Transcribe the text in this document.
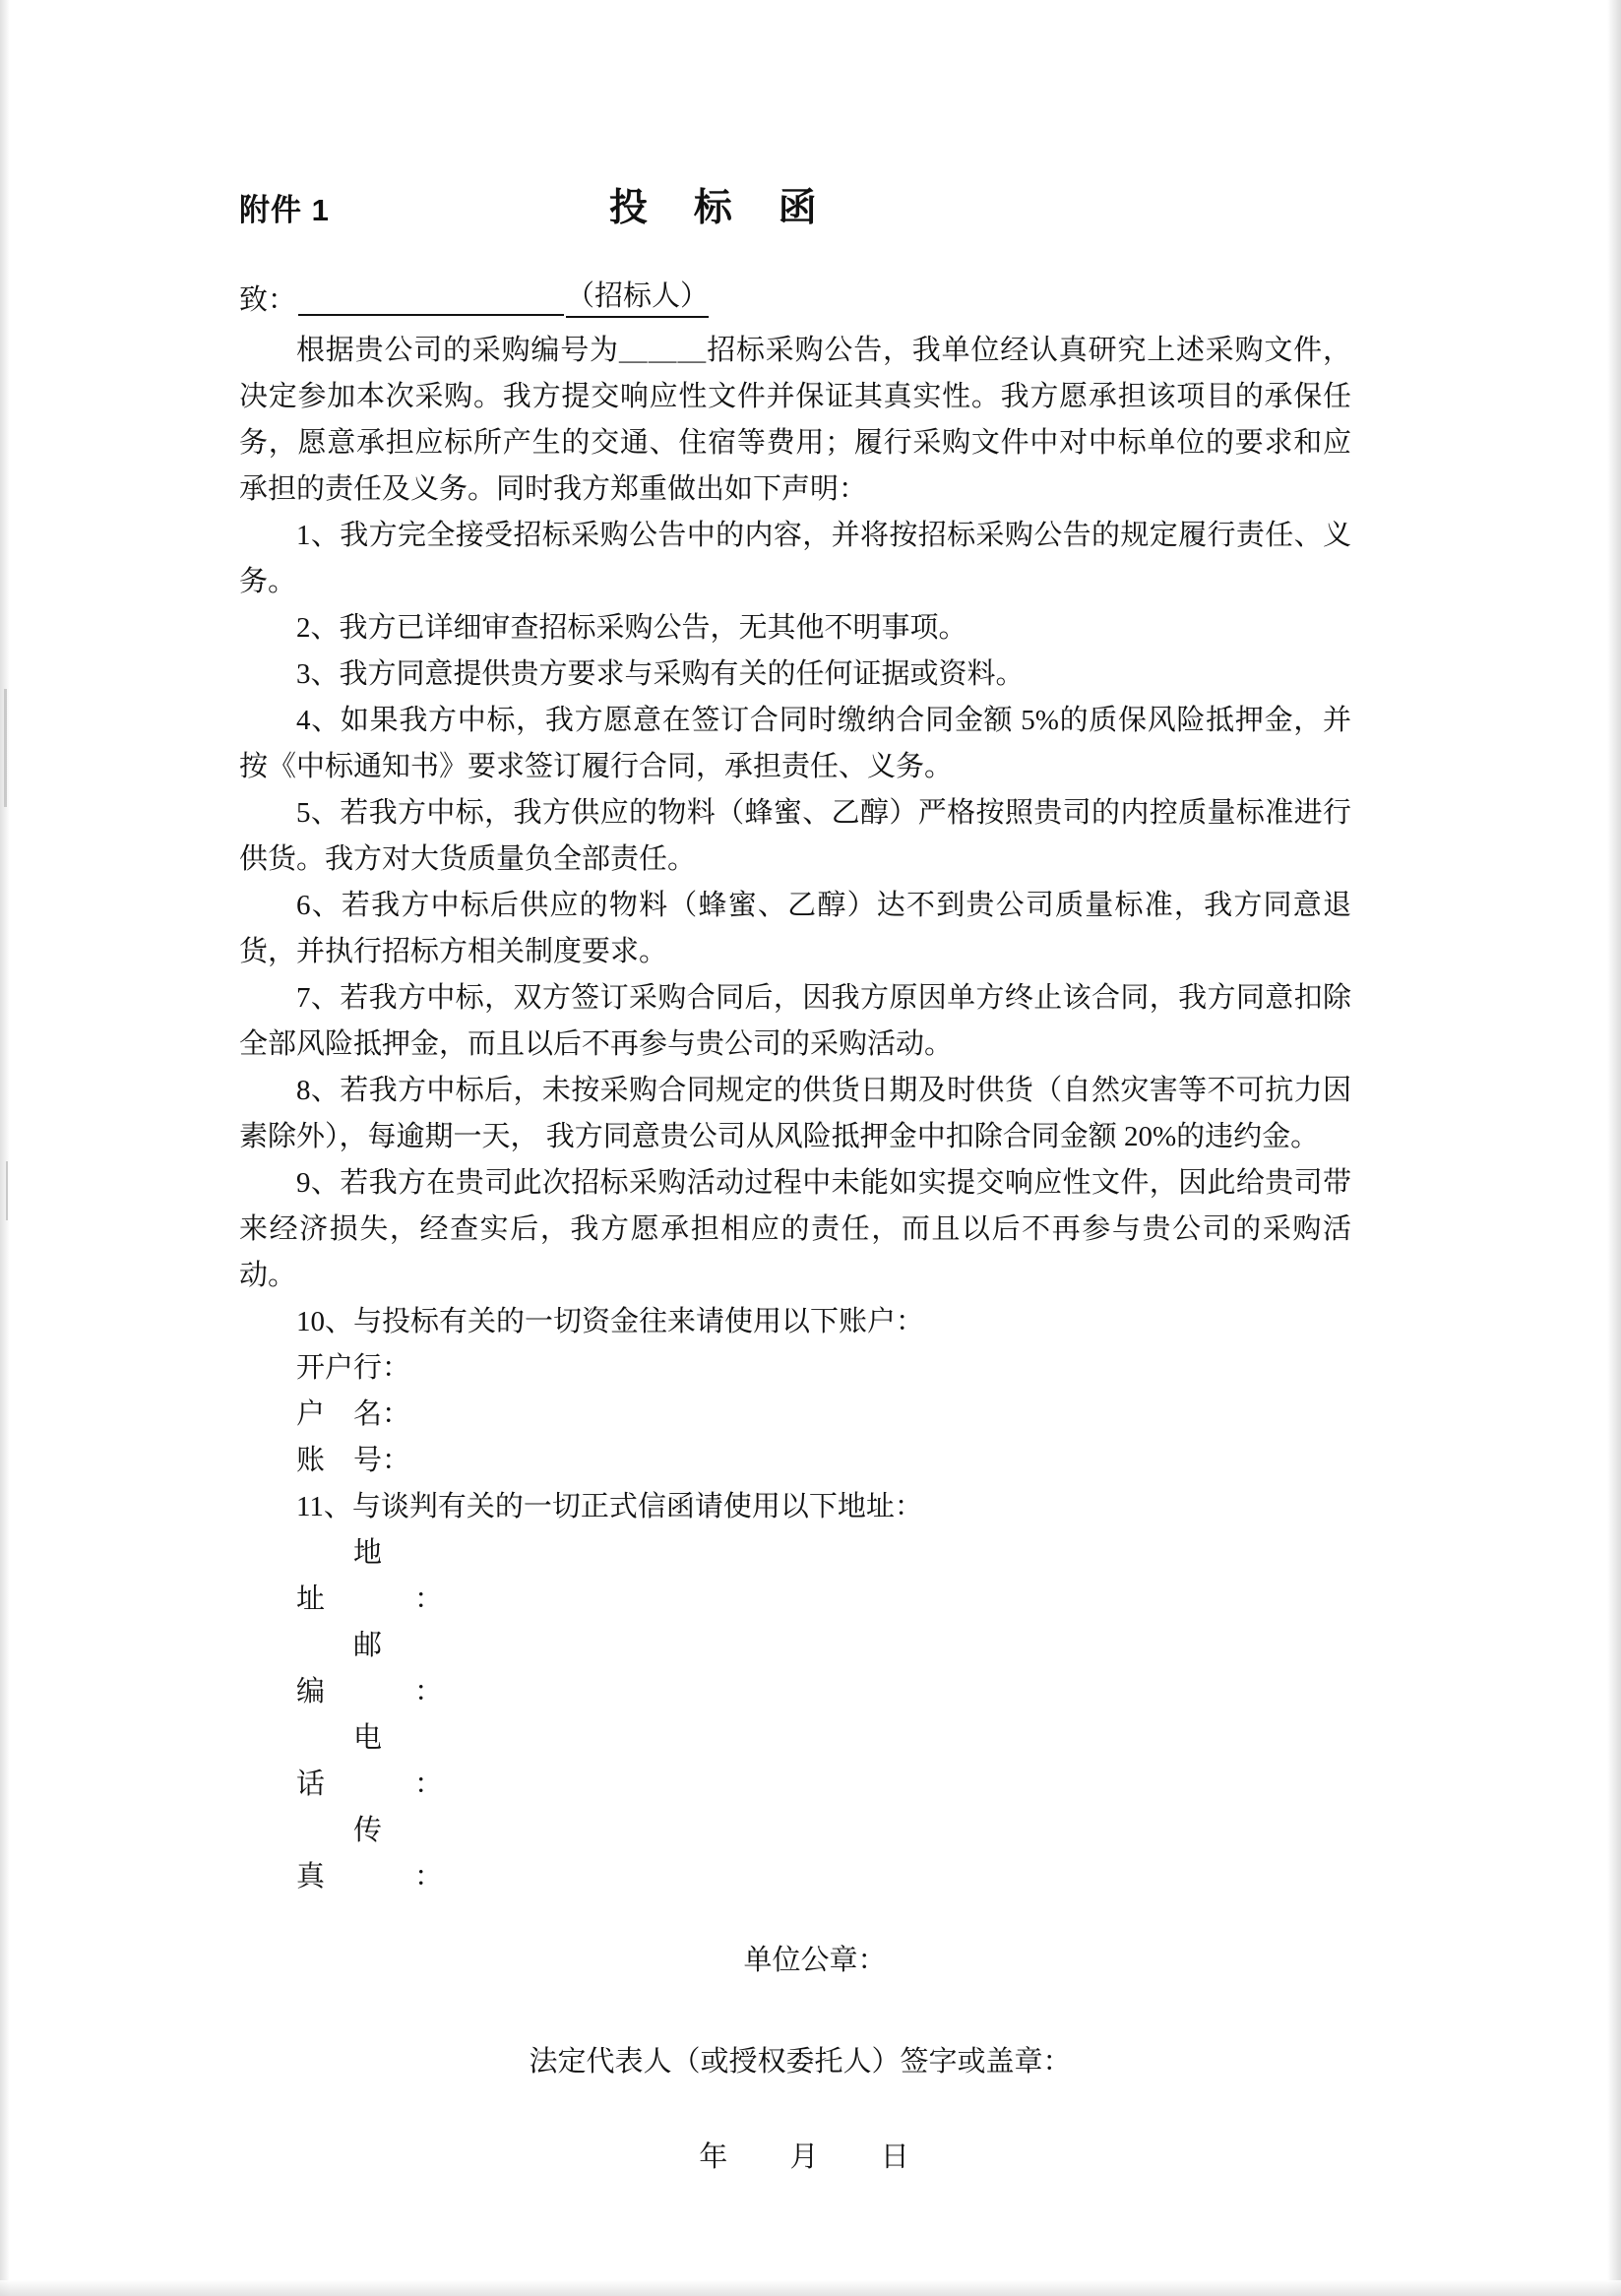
附件 1	投 标 函
致：	（招标人）

根据贵公司的采购编号为＿＿＿招标采购公告，我单位经认真研究上述采购文件，决定参加本次采购。我方提交响应性文件并保证其真实性。我方愿承担该项目的承保任务，愿意承担应标所产生的交通、住宿等费用；履行采购文件中对中标单位的要求和应承担的责任及义务。同时我方郑重做出如下声明：

1、我方完全接受招标采购公告中的内容，并将按招标采购公告的规定履行责任、义务。

2、我方已详细审查招标采购公告，无其他不明事项。

3、我方同意提供贵方要求与采购有关的任何证据或资料。

4、如果我方中标，我方愿意在签订合同时缴纳合同金额 5%的质保风险抵押金，并按《中标通知书》要求签订履行合同，承担责任、义务。

5、若我方中标，我方供应的物料（蜂蜜、乙醇）严格按照贵司的内控质量标准进行供货。我方对大货质量负全部责任。

6、若我方中标后供应的物料（蜂蜜、乙醇）达不到贵公司质量标准，我方同意退货，并执行招标方相关制度要求。

7、若我方中标，双方签订采购合同后，因我方原因单方终止该合同，我方同意扣除全部风险抵押金，而且以后不再参与贵公司的采购活动。

8、若我方中标后，未按采购合同规定的供货日期及时供货（自然灾害等不可抗力因素除外），每逾期一天， 我方同意贵公司从风险抵押金中扣除合同金额 20%的违约金。

9、若我方在贵司此次招标采购活动过程中未能如实提交响应性文件，因此给贵司带来经济损失，经查实后，我方愿承担相应的责任，而且以后不再参与贵公司的采购活动。

10、与投标有关的一切资金往来请使用以下账户：

开户行：

户　名：

账　号：

11、与谈判有关的一切正式信函请使用以下地址：

地　　址	：

邮　　编	：

电　　话	：

传　　真	：

单位公章：
法定代表人（或授权委托人）签字或盖章：
年 月 日
